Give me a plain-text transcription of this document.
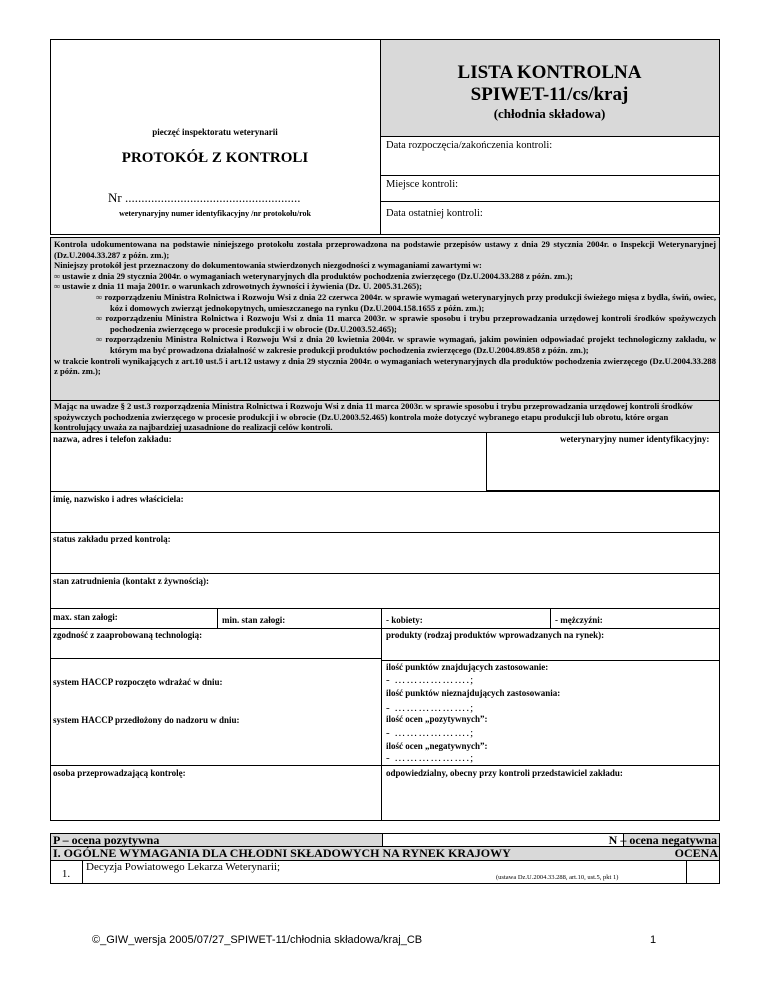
LISTA KONTROLNA
SPIWET-11/cs/kraj
(chłodnia składowa)
pieczęć inspektoratu weterynarii
PROTOKÓŁ Z KONTROLI
Nr ......................................................
weterynaryjny numer identyfikacyjny /nr protokołu/rok
Data rozpoczęcia/zakończenia kontroli:
Miejsce kontroli:
Data ostatniej kontroli:

Kontrola udokumentowana na podstawie niniejszego protokołu została przeprowadzona na podstawie przepisów ustawy z dnia 29 stycznia 2004r. o Inspekcji Weterynaryjnej (Dz.U.2004.33.287 z późn. zm.);

Niniejszy protokół jest przeznaczony do dokumentowania stwierdzonych niezgodności z wymaganiami zawartymi w:

∞ ustawie z dnia 29 stycznia 2004r. o wymaganiach weterynaryjnych dla produktów pochodzenia zwierzęcego (Dz.U.2004.33.288 z późn. zm.);

∞ ustawie z dnia 11 maja 2001r. o warunkach zdrowotnych żywności i żywienia (Dz. U. 2005.31.265);

∞ rozporządzeniu Ministra Rolnictwa i Rozwoju Wsi z dnia 22 czerwca 2004r. w sprawie wymagań weterynaryjnych przy produkcji świeżego mięsa z bydła, świń, owiec, kóz i domowych zwierząt jednokopytnych, umieszczanego na rynku (Dz.U.2004.158.1655 z późn. zm.);

∞ rozporządzeniu Ministra Rolnictwa i Rozwoju Wsi z dnia 11 marca 2003r. w sprawie sposobu i trybu przeprowadzania urzędowej kontroli środków spożywczych pochodzenia zwierzęcego w procesie produkcji i w obrocie (Dz.U.2003.52.465);

∞ rozporządzeniu Ministra Rolnictwa i Rozwoju Wsi z dnia 20 kwietnia 2004r. w sprawie wymagań, jakim powinien odpowiadać projekt technologiczny zakładu, w którym ma być prowadzona działalność w zakresie produkcji produktów pochodzenia zwierzęcego (Dz.U.2004.89.858 z późn. zm.);

w trakcie kontroli wynikających z art.10 ust.5 i art.12 ustawy z dnia 29 stycznia 2004r. o wymaganiach weterynaryjnych dla produktów pochodzenia zwierzęcego (Dz.U.2004.33.288 z późn. zm.);

Mając na uwadze § 2 ust.3 rozporządzenia Ministra Rolnictwa i Rozwoju Wsi z dnia 11 marca 2003r. w sprawie sposobu i trybu przeprowadzania urzędowej kontroli środków spożywczych pochodzenia zwierzęcego w procesie produkcji i w obrocie (Dz.U.2003.52.465) kontrola może dotyczyć wybranego etapu produkcji lub obrotu, które organ kontrolujący uważa za najbardziej uzasadnione do realizacji celów kontroli.

nazwa, adres i telefon zakładu:	weterynaryjny numer identyfikacyjny:
imię, nazwisko i adres właściciela:
status zakładu przed kontrolą:
stan zatrudnienia (kontakt z żywnością):
max. stan załogi:	min. stan załogi:	- kobiety:	- mężczyźni:
zgodność z zaaprobowaną technologią:	produkty (rodzaj produktów wprowadzanych na rynek):
ilość punktów znajdujących zastosowanie:
- ……………….;
system HACCP rozpoczęto wdrażać w dniu:
ilość punktów nieznajdujących zastosowania:
- ……………….;
ilość ocen „pozytywnych”:
system HACCP przedłożony do nadzoru w dniu:
- ……………….;
ilość ocen „negatywnych”:
- ……………….;
osoba przeprowadzającą kontrolę:	odpowiedzialny, obecny przy kontroli przedstawiciel zakładu:
P – ocena pozytywna	N – ocena negatywna
I. OGÓLNE WYMAGANIA DLA CHŁODNI SKŁADOWYCH NA RYNEK KRAJOWY	OCENA
1.
Decyzja Powiatowego Lekarza Weterynarii;
(ustawa Dz.U.2004.33.288, art.10, ust.5, pkt 1)
©_GIW_wersja 2005/07/27_SPIWET-11/chłodnia składowa/kraj_CB	1
